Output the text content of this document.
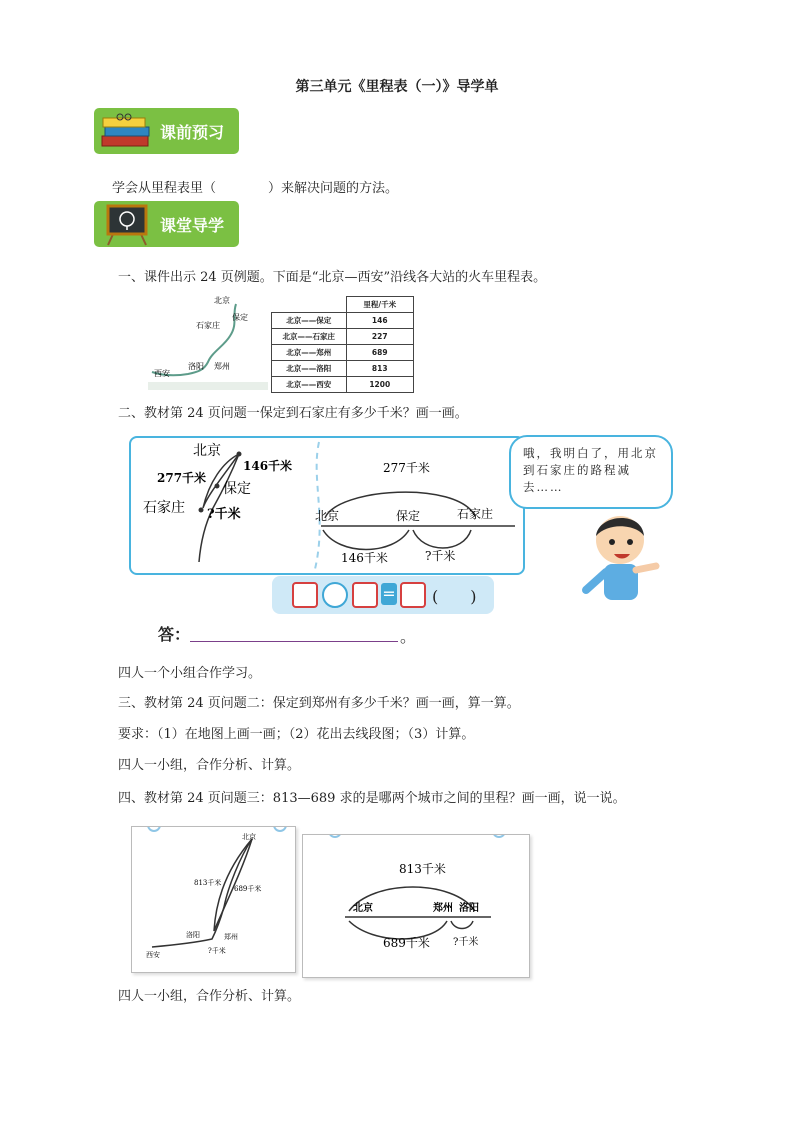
第三单元《里程表（一）》导学单
课前预习
学会从里程表里（　　　　）来解决问题的方法。
课堂导学
一、课件出示 24 页例题。下面是“北京—西安”沿线各大站的火车里程表。
北京
保定
石家庄
郑州
洛阳
西安
	里程/千米
北京——保定	146
北京——石家庄	227
北京——郑州	689
北京——洛阳	813
北京——西安	1200
二、教材第 24 页问题一保定到石家庄有多少千米？画一画。
北京
277千米
146千米
保定
石家庄 ?千米
277千米
北京	保定	石家庄
146千米	?千米
哦，我明白了，用北京到石家庄的路程减去……
= (　　)
答：	。
四人一个小组合作学习。
三、教材第 24 页问题二：保定到郑州有多少千米？画一画，算一算。
要求：（1）在地图上画一画；（2）花出去线段图；（3）计算。
四人一小组，合作分析、计算。
四、教材第 24 页问题三：813—689 求的是哪两个城市之间的里程？画一画，说一说。
北京
813千米
689千米
洛阳	郑州
西安	?千米
813千米
北京	郑州 洛阳
689千米 ?千米
四人一小组，合作分析、计算。
